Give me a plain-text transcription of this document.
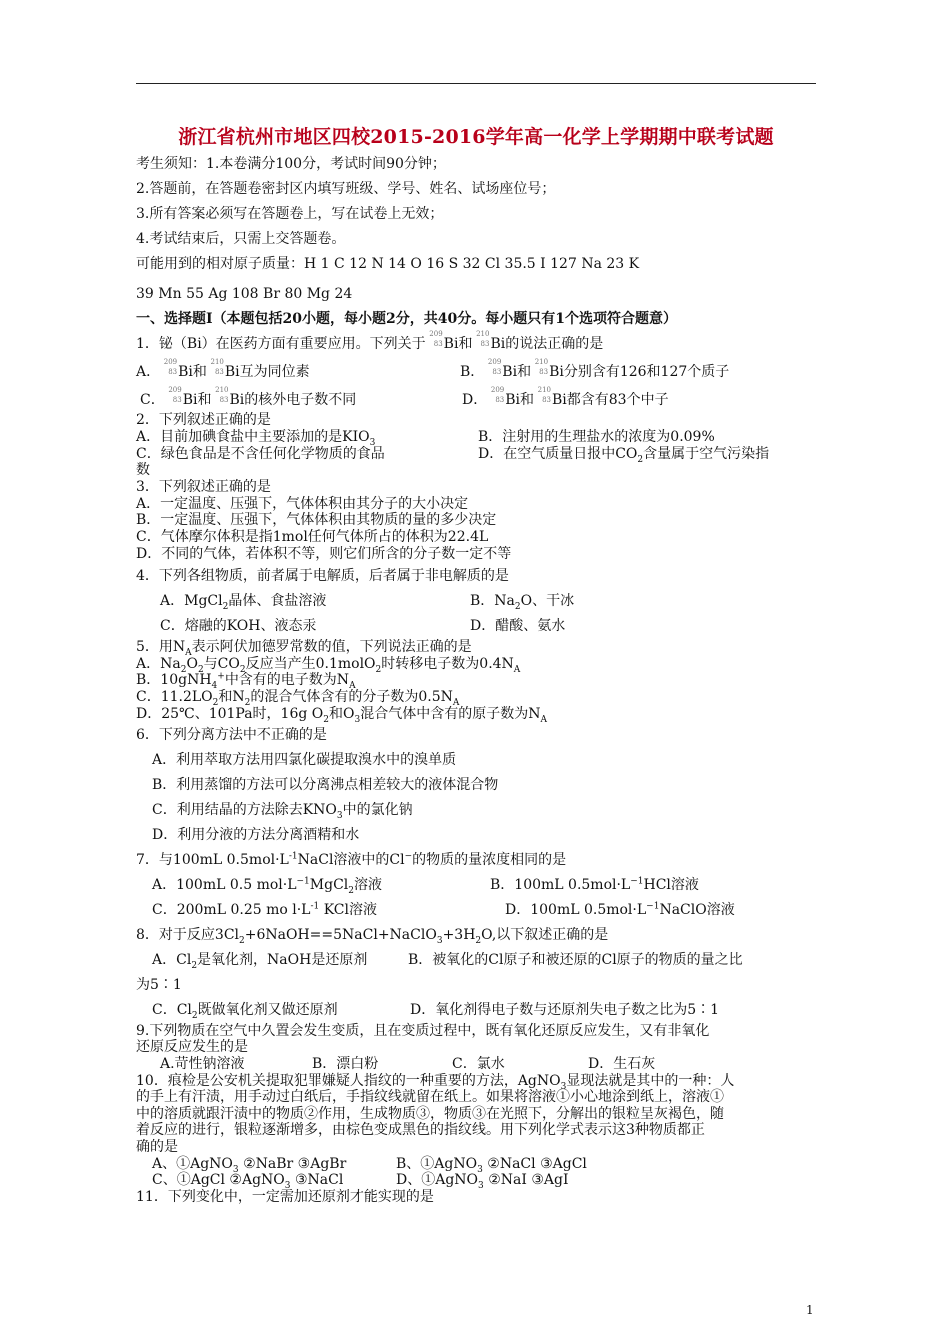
浙江省杭州市地区四校2015-2016学年高一化学上学期期中联考试题
考生须知：1.本卷满分100分，考试时间90分钟；
2.答题前，在答题卷密封区内填写班级、学号、姓名、试场座位号；
3.所有答案必须写在答题卷上，写在试卷上无效；
4.考试结束后，只需上交答题卷。
可能用到的相对原子质量：H 1 C 12 N 14 O 16 S 32 Cl 35.5 I 127 Na 23 K
39 Mn 55 Ag 108 Br 80 Mg 24
一、选择题Ⅰ（本题包括20小题，每小题2分，共40分。每小题只有1个选项符合题意）
1．铋（Bi）在医药方面有重要应用。下列关于
209
83 Bi和
210
83 Bi的说法正确的是
A．
209
83 Bi和
210
83 Bi互为同位素	B．
209
83 Bi和
210
83 Bi分别含有126和127个质子
C．
209
83 Bi和
210
83 Bi的核外电子数不同	D．
209
83 Bi和
210
83 Bi都含有83个中子
2．下列叙述正确的是
A．目前加碘食盐中主要添加的是$KIO_3$	B．注射用的生理盐水的浓度为0.09%
C．绿色食品是不含任何化学物质的食品	D．在空气质量日报中$CO_2$含量属于空气污染指
数
3．下列叙述正确的是
A．一定温度、压强下，气体体积由其分子的大小决定
B．一定温度、压强下，气体体积由其物质的量的多少决定
C．气体摩尔体积是指1mol任何气体所占的体积为22.4L
D．不同的气体，若体积不等，则它们所含的分子数一定不等
4．下列各组物质，前者属于电解质，后者属于非电解质的是
A．MgCl$_2$晶体、食盐溶液	B．$Na_2O$、干冰
C．熔融的KOH、液态汞	D．醋酸、氨水
5．用$N_A$表示阿伏加德罗常数的值，下列说法正确的是
A．$Na_2O_2$与$CO_2$反应当产生0.1molO$_2$时转移电子数为$0.4N_A$
B．10gNH$_4$+中含有的电子数为$N_A$
C．$11.2LO_2$和$N_2$的混合气体含有的分子数为$0.5N_A$
D．25℃、101Pa时，16g $O_2$和$O_3$混合气体中含有的原子数为$N_A$
6．下列分离方法中不正确的是
A．利用萃取方法用四氯化碳提取溴水中的溴单质
B．利用蒸馏的方法可以分离沸点相差较大的液体混合物
C．利用结晶的方法除去$KNO_3$中的氯化钠
D．利用分液的方法分离酒精和水
7．与100mL $0.5mol\cdot L^{-1}NaCl$溶液中的Cl−的物质的量浓度相同的是
A．100mL 0.5 $mol\cdot L^{-1}MgCl_2$溶液	B．100mL $0.5mol\cdot L^{-1}HCl$溶液
C．200mL 0.25 mo $l\cdot L^{-1}$ KCl溶液	D．100mL $0.5mol\cdot L^{-1}NaClO$溶液
8．对于反应$3Cl_2+6NaOH==5NaCl+NaClO_3+3H_2O$,以下叙述正确的是
A．$Cl_2$是氧化剂，NaOH是还原剂	B．被氧化的Cl原子和被还原的Cl原子的物质的量之比
为5∶1
C．$Cl_2$既做氧化剂又做还原剂	D．氧化剂得电子数与还原剂失电子数之比为5∶1
9.下列物质在空气中久置会发生变质，且在变质过程中，既有氧化还原反应发生，又有非氧化
还原反应发生的是
A.苛性钠溶液	B．漂白粉	C．氯水	D．生石灰
10．痕检是公安机关提取犯罪嫌疑人指纹的一种重要的方法，AgNO$_3$显现法就是其中的一种：人
的手上有汗渍，用手动过白纸后，手指纹线就留在纸上。如果将溶液①小心地涂到纸上，溶液①
中的溶质就跟汗渍中的物质②作用，生成物质③，物质③在光照下，分解出的银粒呈灰褐色，随
着反应的进行，银粒逐渐增多，由棕色变成黑色的指纹线。用下列化学式表示这3种物质都正
确的是
A、①AgNO$_3$ ②NaBr ③AgBr	B、①AgNO$_3$ ②NaCl ③AgCl
C、①AgCl ②AgNO$_3$ ③NaCl	D、①AgNO$_3$ ②NaI ③AgI
11．下列变化中，一定需加还原剂才能实现的是
1
